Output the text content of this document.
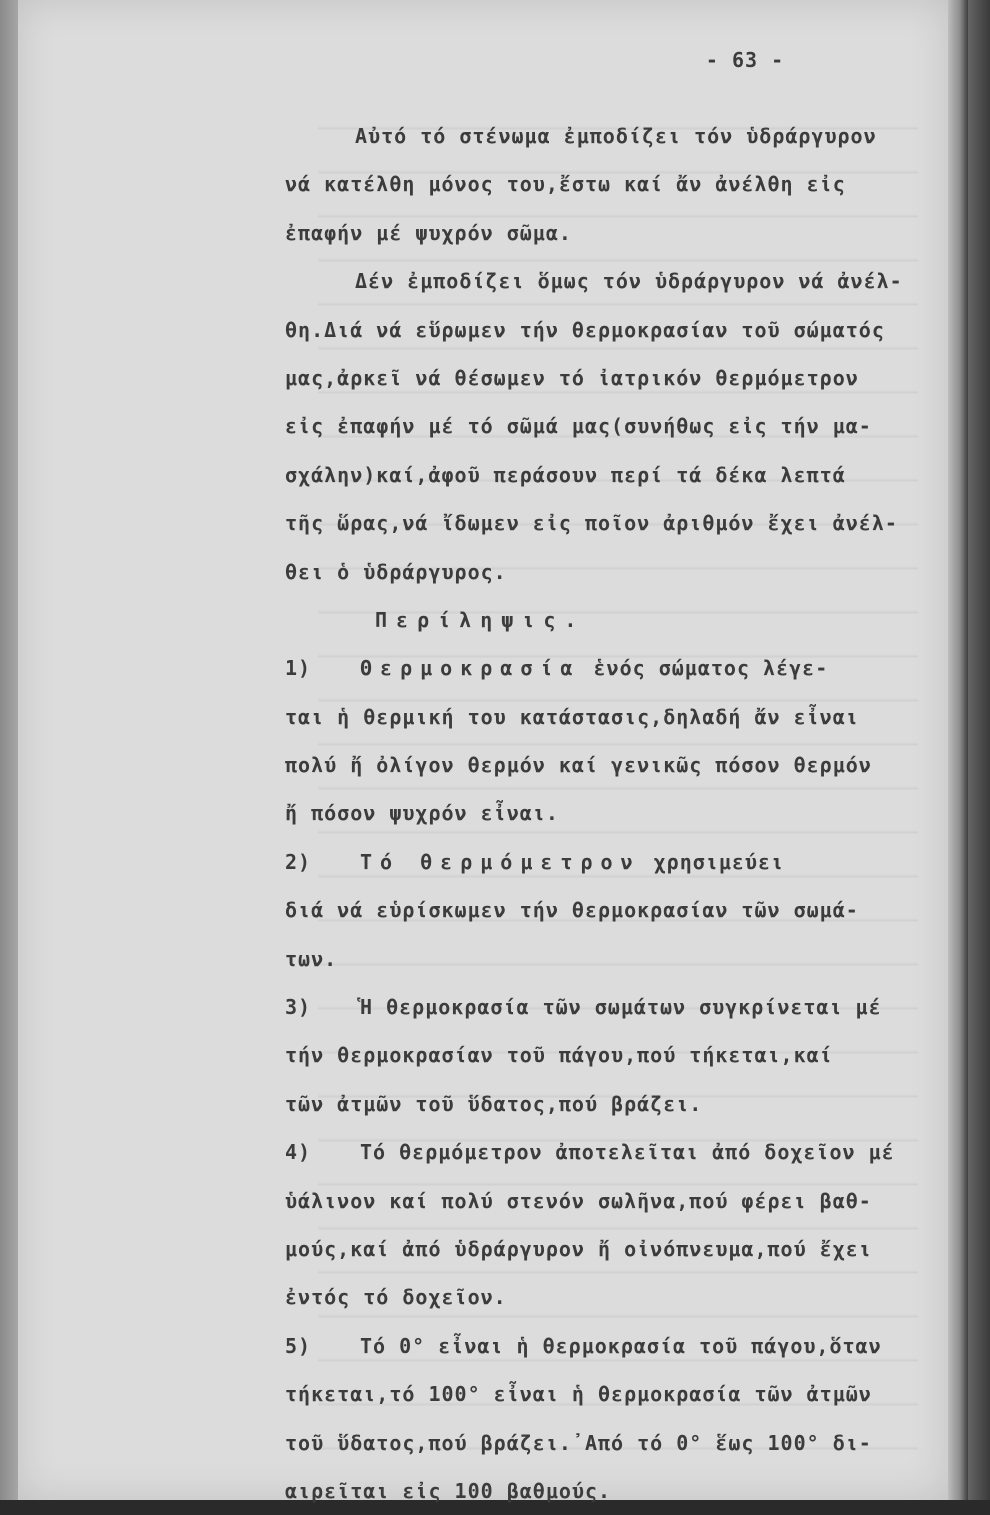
- 63 -
Αὐτό τό στένωμα ἐμποδίζει τόν ὑδράργυρον
νά κατέλθη μόνος του,ἔστω καί ἄν ἀνέλθη εἰς
ἐπαφήν μέ ψυχρόν σῶμα.
Δέν ἐμποδίζει ὅμως τόν ὑδράργυρον νά ἀνέλ-
θη.Διά νά εὕρωμεν τήν θερμοκρασίαν τοῦ σώματός
μας,ἀρκεῖ νά θέσωμεν τό ἰατρικόν θερμόμετρον
εἰς ἐπαφήν μέ τό σῶμά μας(συνήθως εἰς τήν μα-
σχάλην)καί,ἀφοῦ περάσουν περί τά δέκα λεπτά
τῆς ὥρας,νά ἴδωμεν εἰς ποῖον ἀριθμόν ἔχει ἀνέλ-
θει ὁ ὑδράργυρος.
Περίληψις.
1) Θερμοκρασία ἑνός σώματος λέγε-
ται ἡ θερμική του κατάστασις,δηλαδή ἄν εἶναι
πολύ ἤ ὀλίγον θερμόν καί γενικῶς πόσον θερμόν
ἤ πόσον ψυχρόν εἶναι.
2) Τό θερμόμετρον χρησιμεύει
διά νά εὑρίσκωμεν τήν θερμοκρασίαν τῶν σωμά-
των.
3) Ἡ θερμοκρασία τῶν σωμάτων συγκρίνεται μέ
τήν θερμοκρασίαν τοῦ πάγου,πού τήκεται,καί
τῶν ἀτμῶν τοῦ ὕδατος,πού βράζει.
4) Τό θερμόμετρον ἀποτελεῖται ἀπό δοχεῖον μέ
ὑάλινον καί πολύ στενόν σωλῆνα,πού φέρει βαθ-
μούς,καί ἀπό ὑδράργυρον ἤ οἰνόπνευμα,πού ἔχει
ἐντός τό δοχεῖον.
5) Τό 0° εἶναι ἡ θερμοκρασία τοῦ πάγου,ὅταν
τήκεται,τό 100° εἶναι ἡ θερμοκρασία τῶν ἀτμῶν
τοῦ ὕδατος,πού βράζει.᾿Από τό 0° ἕως 100° δι-
αιρεῖται εἰς 100 βαθμούς.
